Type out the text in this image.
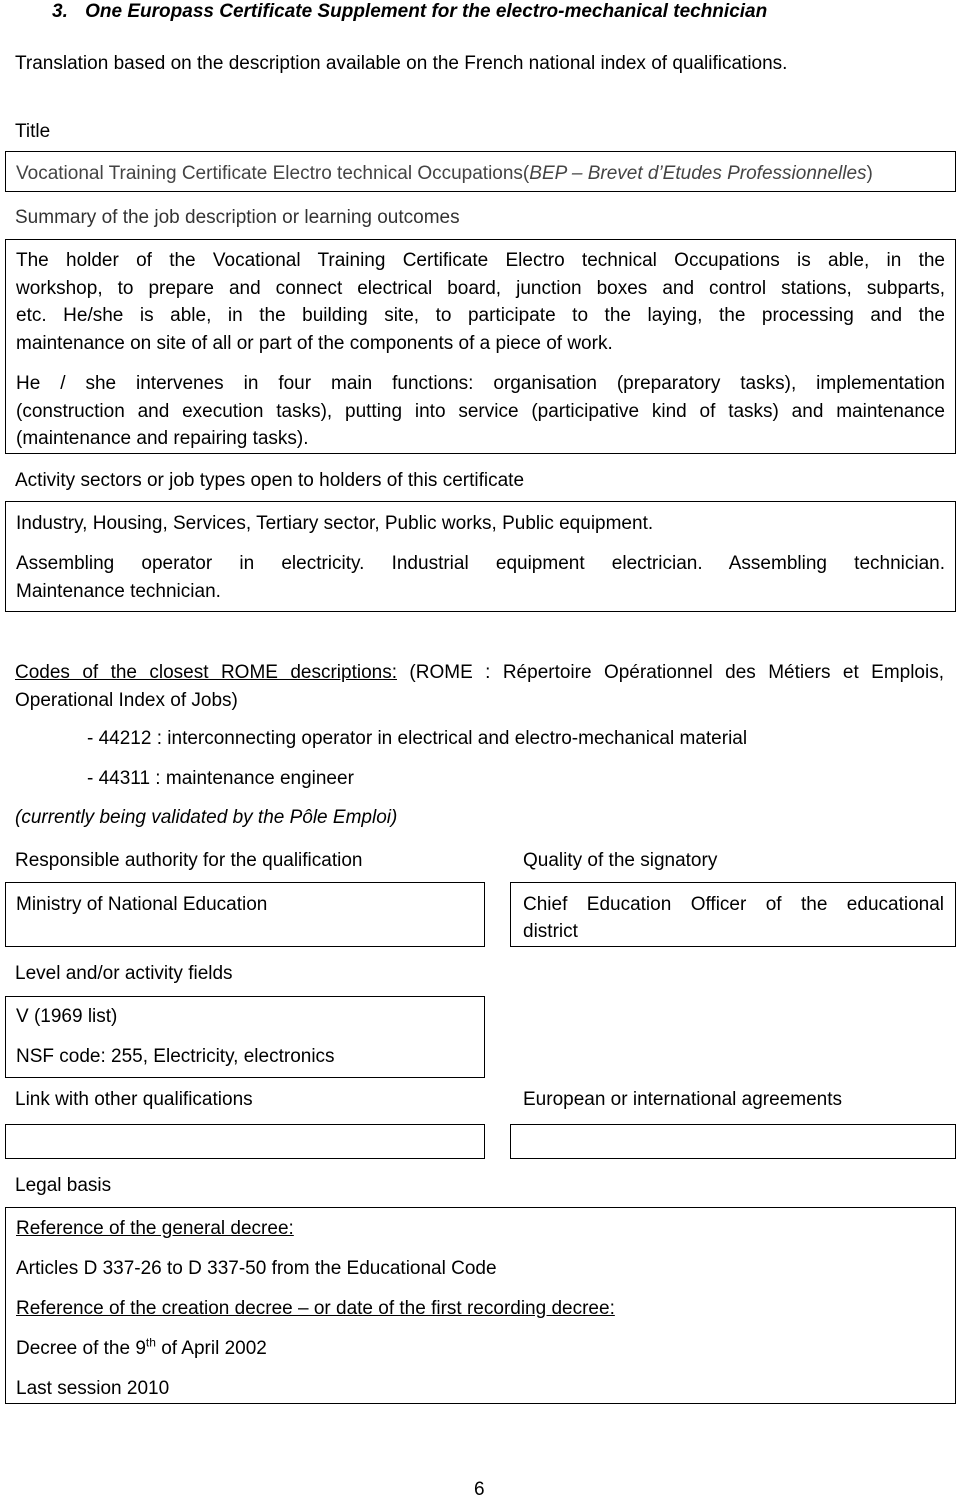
3. One Europass Certificate Supplement for the electro-mechanical technician
Translation based on the description available on the French national index of qualifications.
Title
Vocational Training Certificate Electro technical Occupations(BEP – Brevet d’Etudes Professionnelles)
Summary of the job description or learning outcomes
The holder of the Vocational Training Certificate Electro technical Occupations is able, in the
workshop, to prepare and connect electrical board, junction boxes and control stations, subparts,
etc. He/she is able, in the building site, to participate to the laying, the processing and the
maintenance on site of all or part of the components of a piece of work.
He / she intervenes in four main functions: organisation (preparatory tasks), implementation
(construction and execution tasks), putting into service (participative kind of tasks) and maintenance
(maintenance and repairing tasks).
Activity sectors or job types open to holders of this certificate
Industry, Housing, Services, Tertiary sector, Public works, Public equipment.
Assembling operator in electricity. Industrial equipment electrician. Assembling technician.
Maintenance technician.
Codes of the closest ROME descriptions: (ROME : Répertoire Opérationnel des Métiers et Emplois,
Operational Index of Jobs)
- 44212 : interconnecting operator in electrical and electro-mechanical material
- 44311 : maintenance engineer
(currently being validated by the Pôle Emploi)
Responsible authority for the qualification	Quality of the signatory
Ministry of National Education	Chief Education Officer of the educational
district
Level and/or activity fields
V (1969 list)
NSF code: 255, Electricity, electronics
Link with other qualifications	European or international agreements
Legal basis
Reference of the general decree:
Articles D 337-26 to D 337-50 from the Educational Code
Reference of the creation decree – or date of the first recording decree:
Decree of the 9th of April 2002
Last session 2010
6
